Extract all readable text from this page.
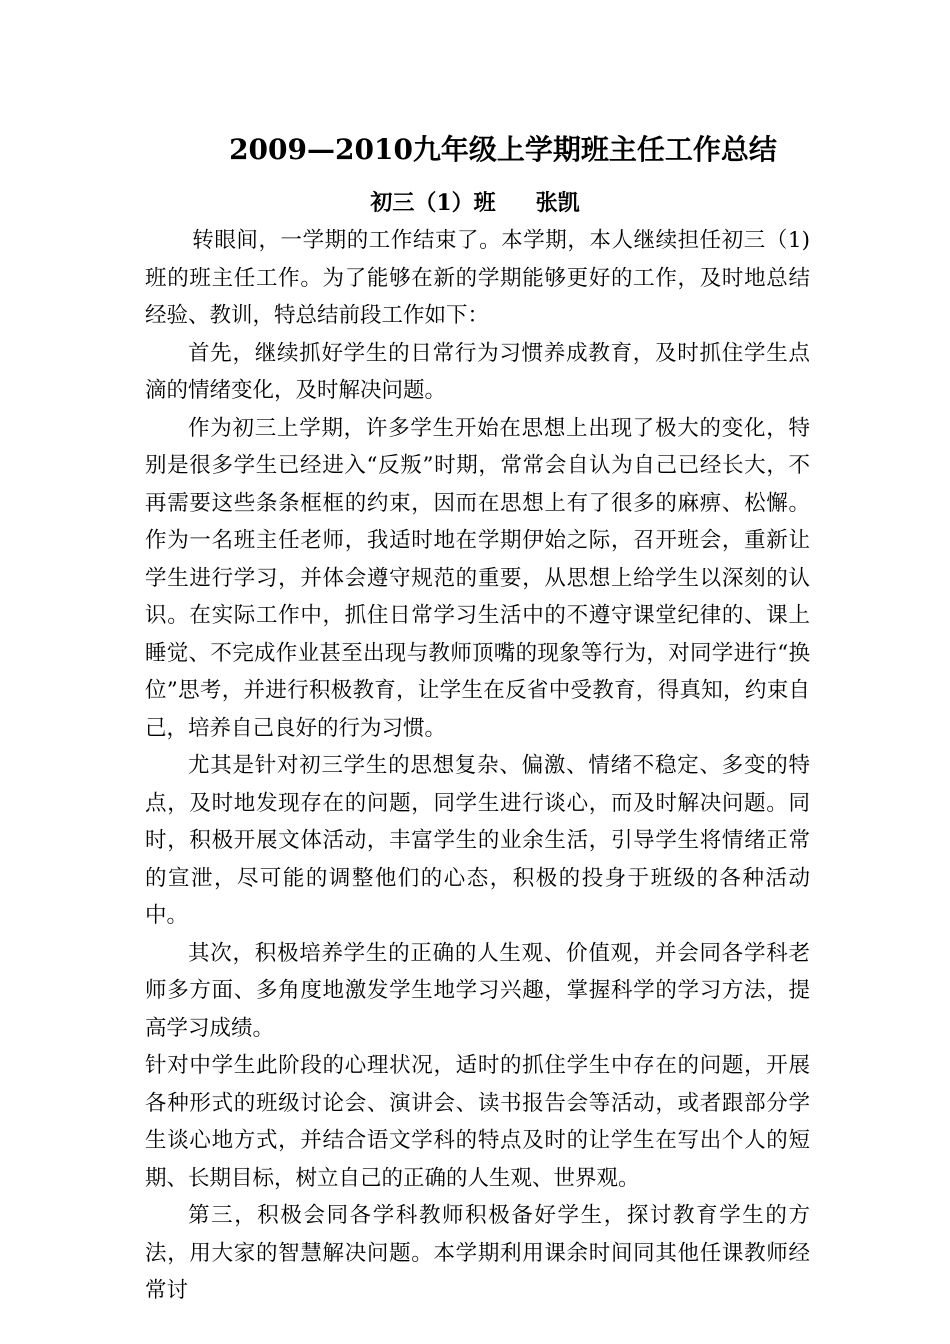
2009—2010九年级上学期班主任工作总结
初三（1）班 张凯

转眼间，一学期的工作结束了。本学期，本人继续担任初三（1)班的班主任工作。为了能够在新的学期能够更好的工作，及时地总结经验、教训，特总结前段工作如下：

首先，继续抓好学生的日常行为习惯养成教育，及时抓住学生点滴的情绪变化，及时解决问题。

作为初三上学期，许多学生开始在思想上出现了极大的变化，特别是很多学生已经进入“反叛”时期，常常会自认为自己已经长大，不再需要这些条条框框的约束，因而在思想上有了很多的麻痹、松懈。作为一名班主任老师，我适时地在学期伊始之际，召开班会，重新让学生进行学习，并体会遵守规范的重要，从思想上给学生以深刻的认识。在实际工作中，抓住日常学习生活中的不遵守课堂纪律的、课上睡觉、不完成作业甚至出现与教师顶嘴的现象等行为，对同学进行“换位”思考，并进行积极教育，让学生在反省中受教育，得真知，约束自己，培养自己良好的行为习惯。

尤其是针对初三学生的思想复杂、偏激、情绪不稳定、多变的特点，及时地发现存在的问题，同学生进行谈心，而及时解决问题。同时，积极开展文体活动，丰富学生的业余生活，引导学生将情绪正常的宣泄，尽可能的调整他们的心态，积极的投身于班级的各种活动中。

其次，积极培养学生的正确的人生观、价值观，并会同各学科老师多方面、多角度地激发学生地学习兴趣，掌握科学的学习方法，提高学习成绩。

针对中学生此阶段的心理状况，适时的抓住学生中存在的问题，开展各种形式的班级讨论会、演讲会、读书报告会等活动，或者跟部分学生谈心地方式，并结合语文学科的特点及时的让学生在写出个人的短期、长期目标，树立自己的正确的人生观、世界观。

第三，积极会同各学科教师积极备好学生，探讨教育学生的方法，用大家的智慧解决问题。本学期利用课余时间同其他任课教师经常讨
